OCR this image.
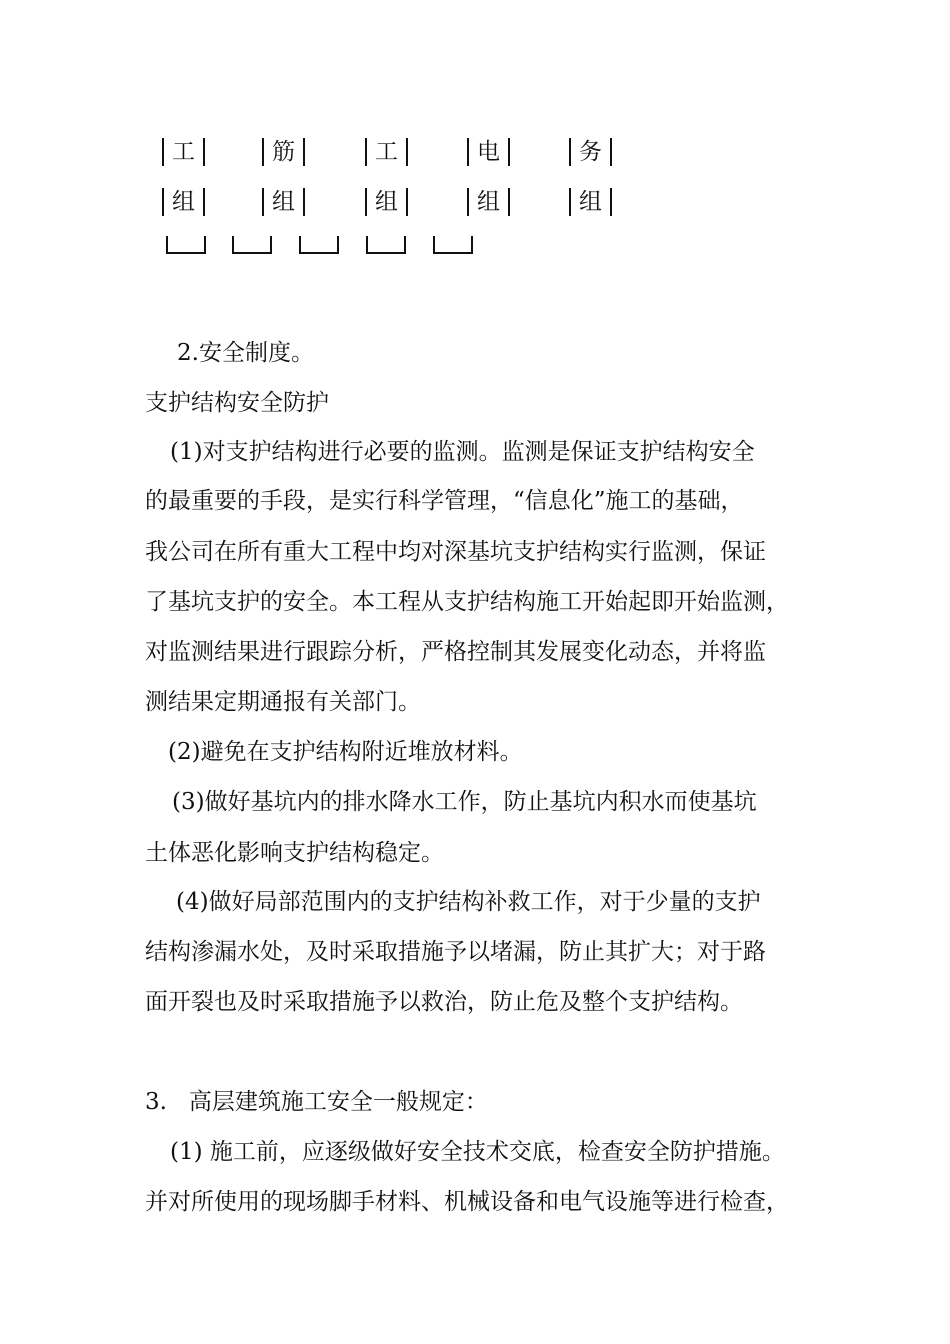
工	筋	工	电	务
组	组	组	组	组
2.安全制度。
支护结构安全防护
(1)对支护结构进行必要的监测。监测是保证支护结构安全
的最重要的手段，是实行科学管理，“信息化”施工的基础，
我公司在所有重大工程中均对深基坑支护结构实行监测，保证
了基坑支护的安全。本工程从支护结构施工开始起即开始监测，
对监测结果进行跟踪分析，严格控制其发展变化动态，并将监
测结果定期通报有关部门。
(2)避免在支护结构附近堆放材料。
(3)做好基坑内的排水降水工作，防止基坑内积水而使基坑
土体恶化影响支护结构稳定。
(4)做好局部范围内的支护结构补救工作，对于少量的支护
结构渗漏水处，及时采取措施予以堵漏，防止其扩大；对于路
面开裂也及时采取措施予以救治，防止危及整个支护结构。
3.   高层建筑施工安全一般规定：
(1) 施工前，应逐级做好安全技术交底，检查安全防护措施。
并对所使用的现场脚手材料、机械设备和电气设施等进行检查，
